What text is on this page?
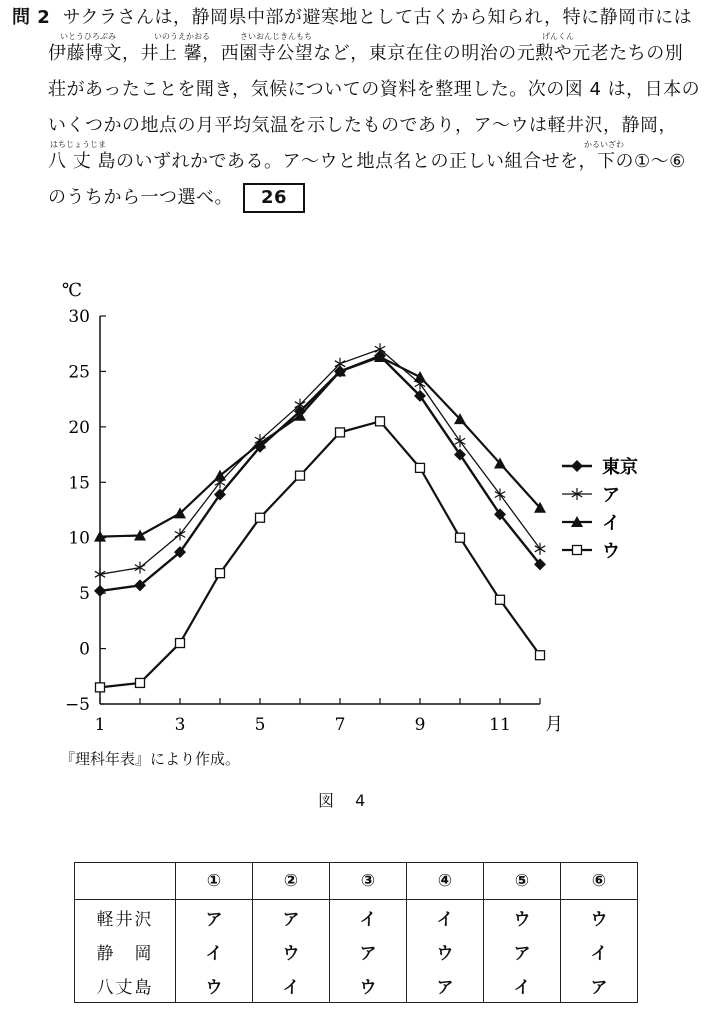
問 2 サクラさんは，静岡県中部が避寒地として古くから知られ，特に静岡市には
いとうひろぶみ	いのうえかおる	さいおんじきんもち	げんくん
伊藤博文，井上 馨，西園寺公望など，東京在住の明治の元勲や元老たちの別
荘があったことを聞き，気候についての資料を整理した。次の図 4 は，日本の
いくつかの地点の月平均気温を示したものであり，ア～ウは軽井沢，静岡，
かるいざわ
はちじょうじま
八 丈 島のいずれかである。ア～ウと地点名との正しい組合せを，下の①～⑥
のうちから一つ選べ。 26
−5
0
5
10
15
20
25
30
1	3	5	7	9	11
℃
月
東京
ア
イ
ウ
『理科年表』により作成。
図 4
	①	②	③	④	⑤	⑥
軽井沢	ア	ア	イ	イ	ウ	ウ
静　岡	イ	ウ	ア	ウ	ア	イ
八丈島	ウ	イ	ウ	ア	イ	ア
